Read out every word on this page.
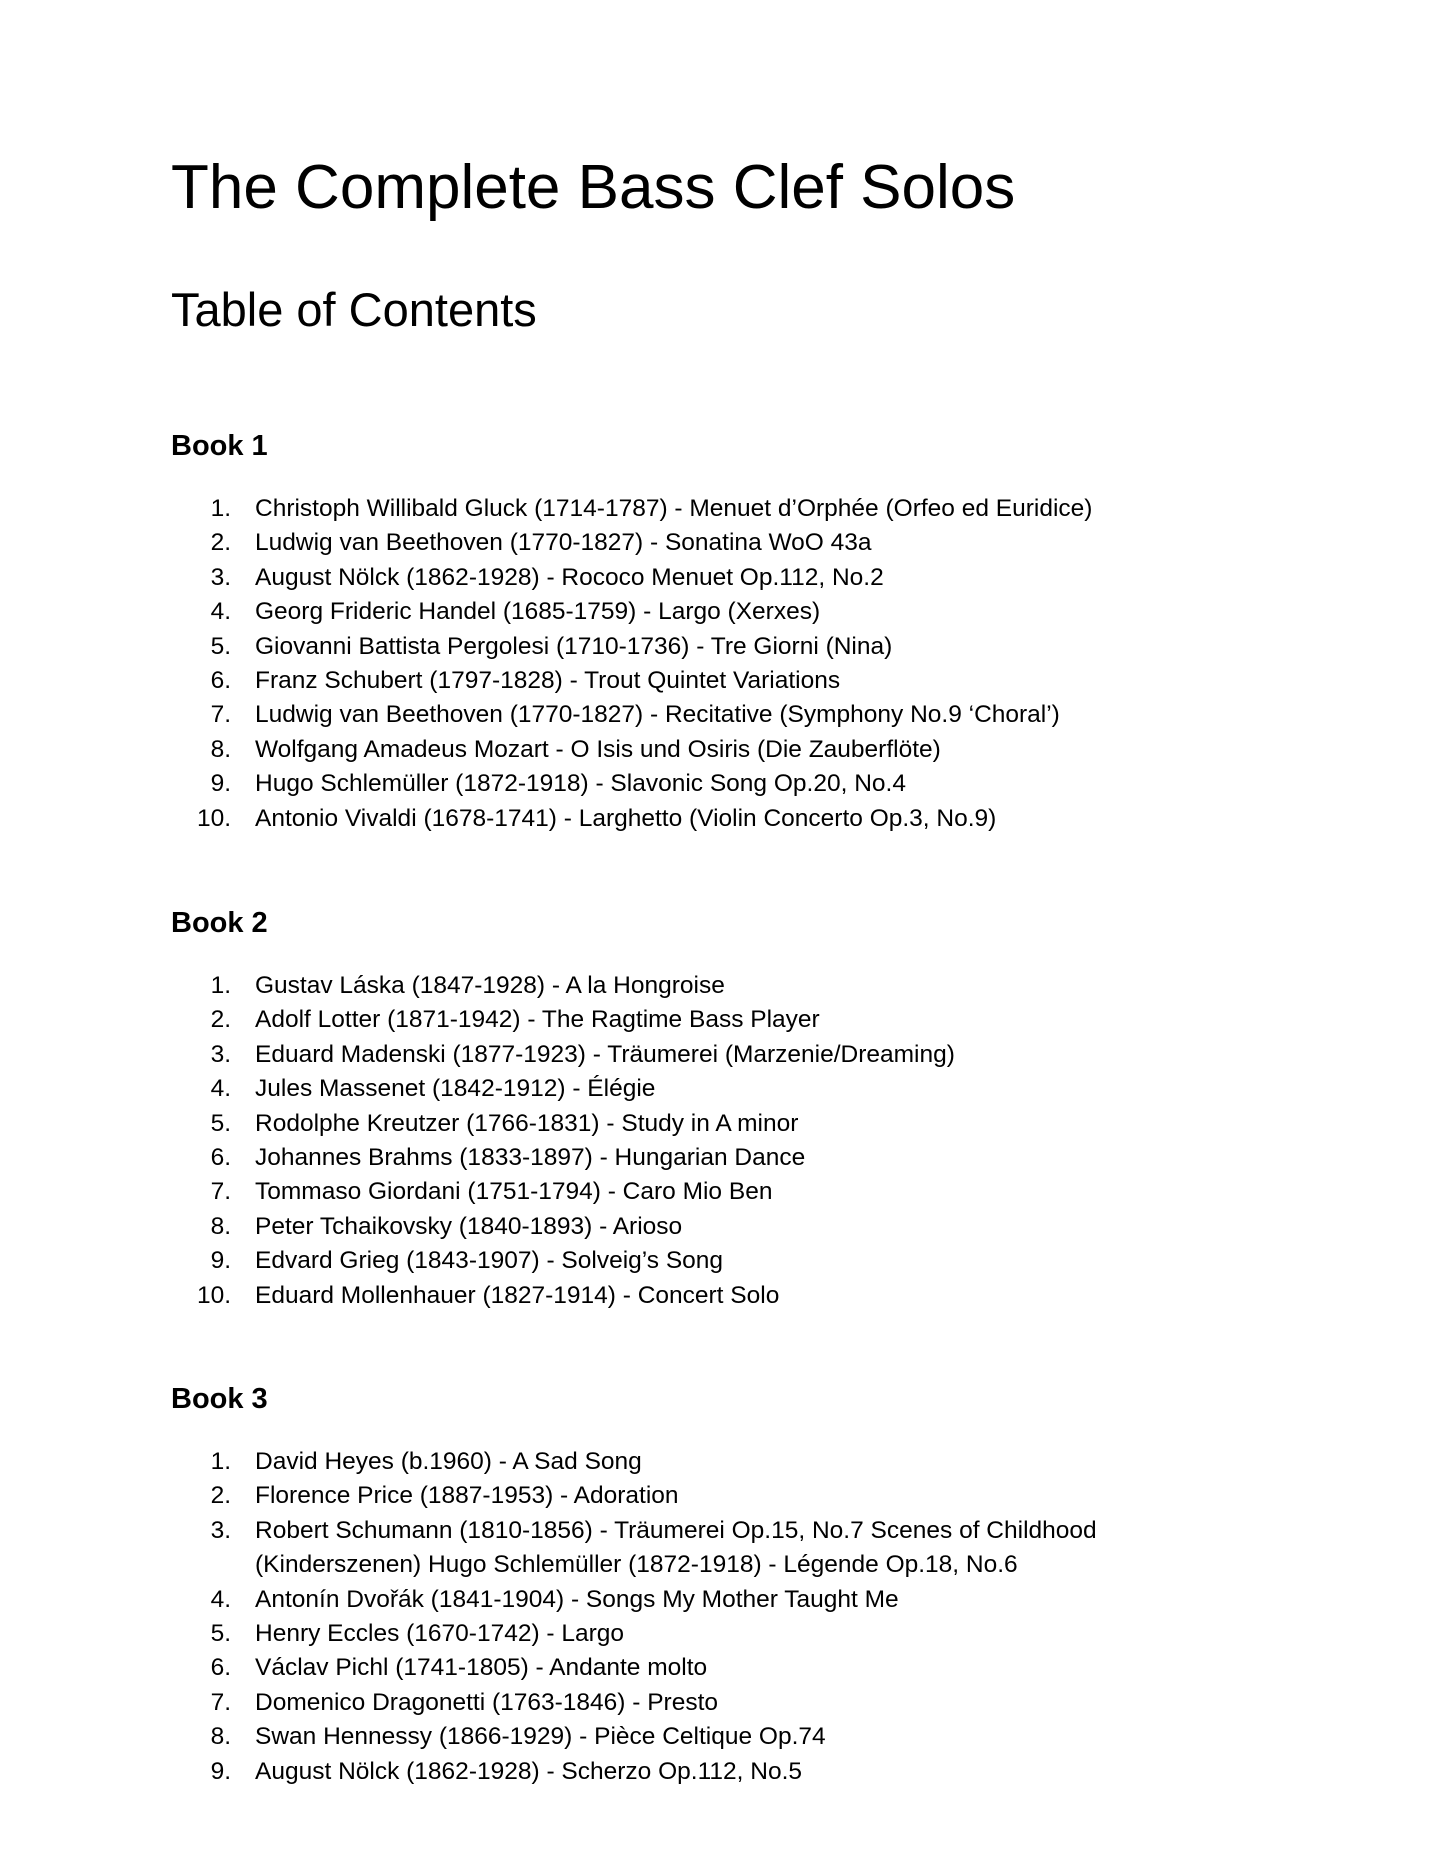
The Complete Bass Clef Solos
Table of Contents
Book 1
1. Christoph Willibald Gluck (1714-1787) - Menuet d’Orphée (Orfeo ed Euridice)
2. Ludwig van Beethoven (1770-1827) - Sonatina WoO 43a
3. August Nölck (1862-1928) - Rococo Menuet Op.112, No.2
4. Georg Frideric Handel (1685-1759) - Largo (Xerxes)
5. Giovanni Battista Pergolesi (1710-1736) - Tre Giorni (Nina)
6. Franz Schubert (1797-1828) - Trout Quintet Variations
7. Ludwig van Beethoven (1770-1827) - Recitative (Symphony No.9 ‘Choral’)
8. Wolfgang Amadeus Mozart - O Isis und Osiris (Die Zauberflöte)
9. Hugo Schlemüller (1872-1918) - Slavonic Song Op.20, No.4
10. Antonio Vivaldi (1678-1741) - Larghetto (Violin Concerto Op.3, No.9)
Book 2
1. Gustav Láska (1847-1928) - A la Hongroise
2. Adolf Lotter (1871-1942) - The Ragtime Bass Player
3. Eduard Madenski (1877-1923) - Träumerei (Marzenie/Dreaming)
4. Jules Massenet (1842-1912) - Élégie
5. Rodolphe Kreutzer (1766-1831) - Study in A minor
6. Johannes Brahms (1833-1897) - Hungarian Dance
7. Tommaso Giordani (1751-1794) - Caro Mio Ben
8. Peter Tchaikovsky (1840-1893) - Arioso
9. Edvard Grieg (1843-1907) - Solveig’s Song
10. Eduard Mollenhauer (1827-1914) - Concert Solo
Book 3
1. David Heyes (b.1960) - A Sad Song
2. Florence Price (1887-1953) - Adoration
3. Robert Schumann (1810-1856) - Träumerei Op.15, No.7 Scenes of Childhood (Kinderszenen) Hugo Schlemüller (1872-1918) - Légende Op.18, No.6
4. Antonín Dvořák (1841-1904) - Songs My Mother Taught Me
5. Henry Eccles (1670-1742) - Largo
6. Václav Pichl (1741-1805) - Andante molto
7. Domenico Dragonetti (1763-1846) - Presto
8. Swan Hennessy (1866-1929) - Pièce Celtique Op.74
9. August Nölck (1862-1928) - Scherzo Op.112, No.5
